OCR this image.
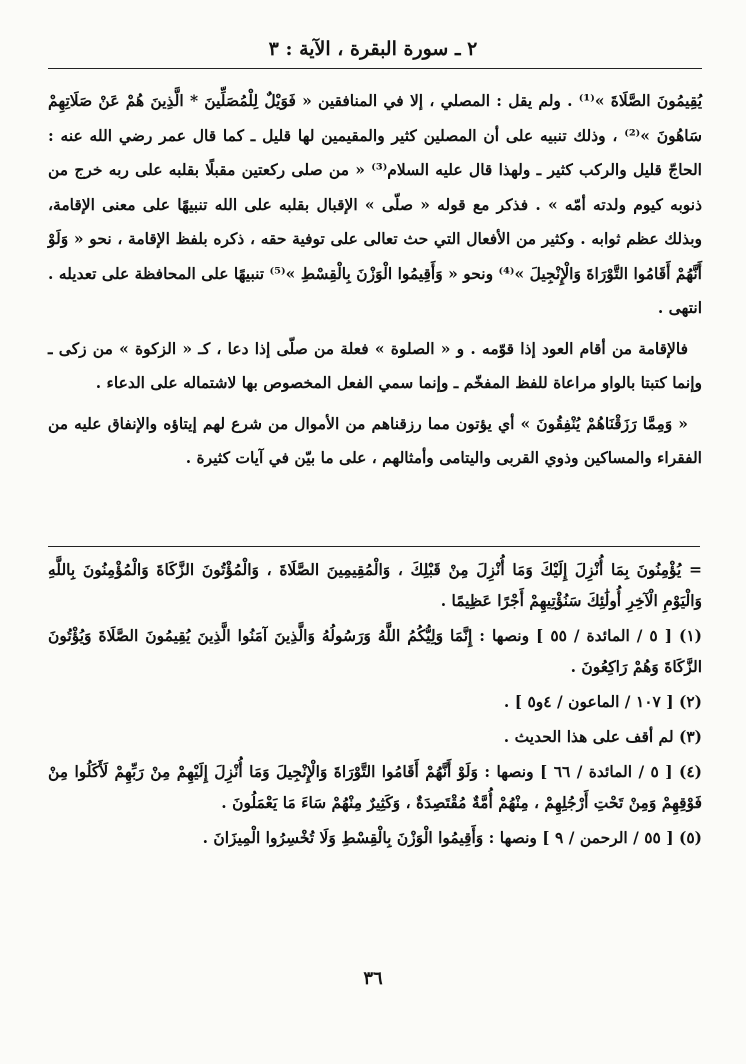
٢ ـ سورة البقرة ، الآية : ٣

يُقِيمُونَ الصَّلَاةَ »⁽¹⁾ . ولم يقل : المصلي ، إلا في المنافقين « فَوَيْلٌ لِلْمُصَلِّينَ * الَّذِينَ هُمْ عَنْ صَلَاتِهِمْ سَاهُونَ »⁽²⁾ ، وذلك تنبيه على أن المصلين كثير والمقيمين لها قليل ـ كما قال عمر رضي الله عنه : الحاجّ قليل والركب كثير ـ ولهذا قال عليه السلام⁽³⁾ « من صلى ركعتين مقبلًا بقلبه على ربه خرج من ذنوبه كيوم ولدته أمّه » . فذكر مع قوله « صلّى » الإقبال بقلبه على الله تنبيهًا على معنى الإقامة، وبذلك عظم ثوابه . وكثير من الأفعال التي حث تعالى على توفية حقه ، ذكره بلفظ الإقامة ، نحو « وَلَوْ أَنَّهُمْ أَقَامُوا التَّوْرَاةَ وَالْإِنْجِيلَ »⁽⁴⁾ ونحو « وَأَقِيمُوا الْوَزْنَ بِالْقِسْطِ »⁽⁵⁾ تنبيهًا على المحافظة على تعديله . انتهى .

فالإقامة من أقام العود إذا قوّمه . و « الصلوة » فعلة من صلّى إذا دعا ، كـ « الزكوة » من زكى ـ وإنما كتبتا بالواو مراعاة للفظ المفخّم ـ وإنما سمي الفعل المخصوص بها لاشتماله على الدعاء .

« وَمِمَّا رَزَقْنَاهُمْ يُنْفِقُونَ » أي يؤتون مما رزقناهم من الأموال من شرع لهم إيتاؤه والإنفاق عليه من الفقراء والمساكين وذوي القربى واليتامى وأمثالهم ، على ما بيّن في آيات كثيرة .

= يُؤْمِنُونَ بِمَا أُنْزِلَ إِلَيْكَ وَمَا أُنْزِلَ مِنْ قَبْلِكَ ، وَالْمُقِيمِينَ الصَّلَاةَ ، وَالْمُؤْتُونَ الزَّكَاةَ وَالْمُؤْمِنُونَ بِاللَّهِ وَالْيَوْمِ الْآخِرِ أُولَٰئِكَ سَنُؤْتِيهِمْ أَجْرًا عَظِيمًا .

(١) [ ٥ / المائدة / ٥٥ ] ونصها : إِنَّمَا وَلِيُّكُمُ اللَّهُ وَرَسُولُهُ وَالَّذِينَ آمَنُوا الَّذِينَ يُقِيمُونَ الصَّلَاةَ وَيُؤْتُونَ الزَّكَاةَ وَهُمْ رَاكِعُونَ .

(٢) [ ١٠٧ / الماعون / ٤و٥ ] .

(٣) لم أقف على هذا الحديث .

(٤) [ ٥ / المائدة / ٦٦ ] ونصها : وَلَوْ أَنَّهُمْ أَقَامُوا التَّوْرَاةَ وَالْإِنْجِيلَ وَمَا أُنْزِلَ إِلَيْهِمْ مِنْ رَبِّهِمْ لَأَكَلُوا مِنْ فَوْقِهِمْ وَمِنْ تَحْتِ أَرْجُلِهِمْ ، مِنْهُمْ أُمَّةٌ مُقْتَصِدَةٌ ، وَكَثِيرٌ مِنْهُمْ سَاءَ مَا يَعْمَلُونَ .

(٥) [ ٥٥ / الرحمن / ٩ ] ونصها : وَأَقِيمُوا الْوَزْنَ بِالْقِسْطِ وَلَا تُخْسِرُوا الْمِيزَانَ .

٣٦
